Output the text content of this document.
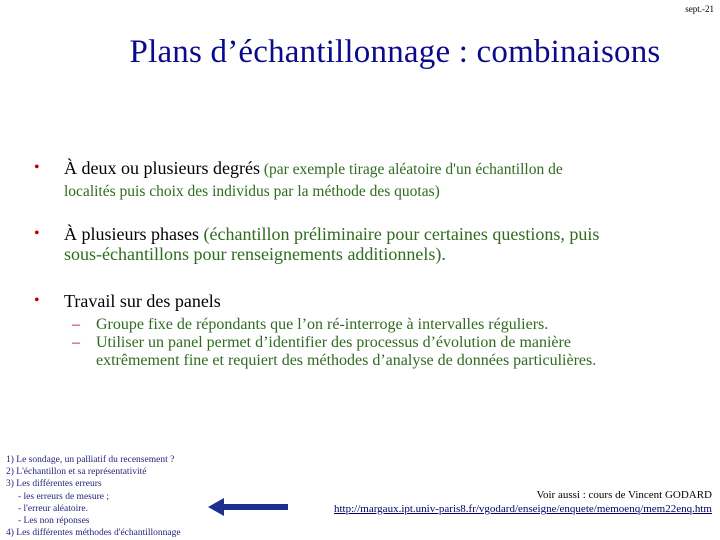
sept.-21
Plans d’échantillonnage : combinaisons
• À deux ou plusieurs degrés (par exemple tirage aléatoire d'un échantillon de
localités puis choix des individus par la méthode des quotas)
• À plusieurs phases (échantillon préliminaire pour certaines questions, puis
sous-échantillons pour renseignements additionnels).
• Travail sur des panels
– Groupe fixe de répondants que l’on ré-interroge à intervalles réguliers.
– Utiliser un panel permet d’identifier des processus d’évolution de manière
extrêmement fine et requiert des méthodes d’analyse de données particulières.
1) Le sondage, un palliatif du recensement ?
2) L'échantillon et sa représentativité
3) Les différentes erreurs
- les erreurs de mesure ;
- l'erreur aléatoire.
- Les non réponses
4) Les différentes méthodes d'échantillonnage
Voir aussi : cours de Vincent GODARD
http://margaux.ipt.univ-paris8.fr/vgodard/enseigne/enquete/memoenq/mem22enq.htm
